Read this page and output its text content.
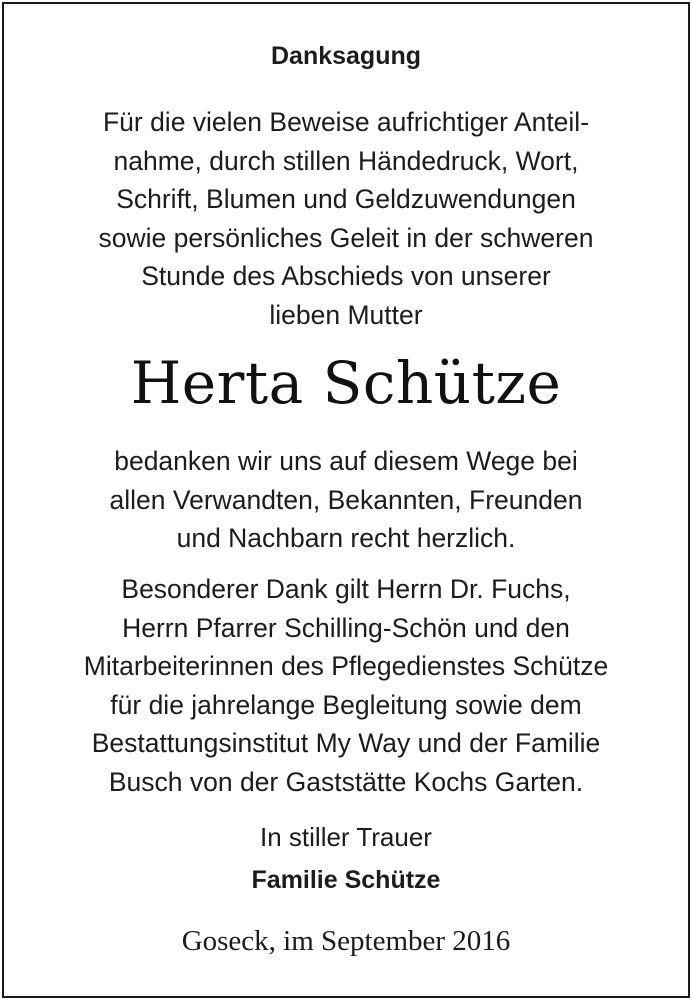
Danksagung
Für die vielen Beweise aufrichtiger Anteil-
nahme, durch stillen Händedruck, Wort,
Schrift, Blumen und Geldzuwendungen
sowie persönliches Geleit in der schweren
Stunde des Abschieds von unserer
lieben Mutter
Herta Schütze
bedanken wir uns auf diesem Wege bei
allen Verwandten, Bekannten, Freunden
und Nachbarn recht herzlich.
Besonderer Dank gilt Herrn Dr. Fuchs,
Herrn Pfarrer Schilling-Schön und den
Mitarbeiterinnen des Pflegedienstes Schütze
für die jahrelange Begleitung sowie dem
Bestattungsinstitut My Way und der Familie
Busch von der Gaststätte Kochs Garten.
In stiller Trauer
Familie Schütze
Goseck, im September 2016
